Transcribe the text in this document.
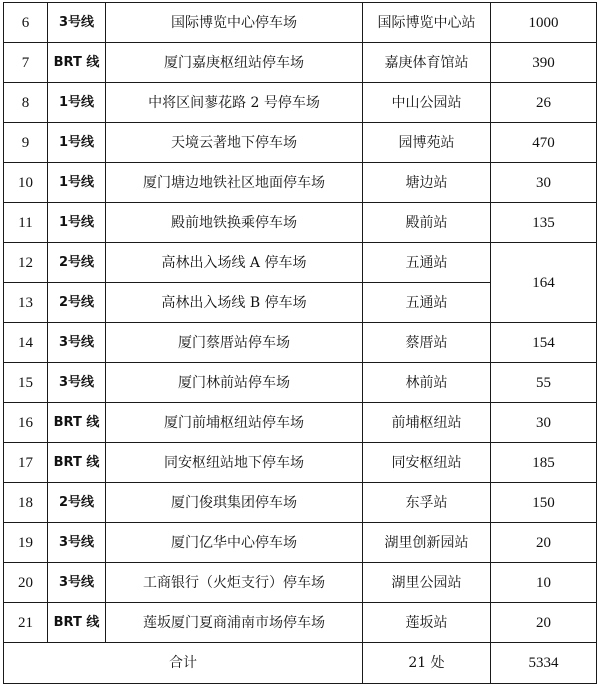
6	3号线	国际博览中心停车场	国际博览中心站	1000
7	BRT 线	厦门嘉庚枢纽站停车场	嘉庚体育馆站	390
8	1号线	中将区间蓼花路 2 号停车场	中山公园站	26
9	1号线	天境云著地下停车场	园博苑站	470
10	1号线	厦门塘边地铁社区地面停车场	塘边站	30
11	1号线	殿前地铁换乘停车场	殿前站	135
12	2号线	高林出入场线 A 停车场	五通站	164
13	2号线	高林出入场线 B 停车场	五通站	
14	3号线	厦门蔡厝站停车场	蔡厝站	154
15	3号线	厦门林前站停车场	林前站	55
16	BRT 线	厦门前埔枢纽站停车场	前埔枢纽站	30
17	BRT 线	同安枢纽站地下停车场	同安枢纽站	185
18	2号线	厦门俊琪集团停车场	东孚站	150
19	3号线	厦门亿华中心停车场	湖里创新园站	20
20	3号线	工商银行（火炬支行）停车场	湖里公园站	10
21	BRT 线	莲坂厦门夏商浦南市场停车场	莲坂站	20
合计			21 处	5334
